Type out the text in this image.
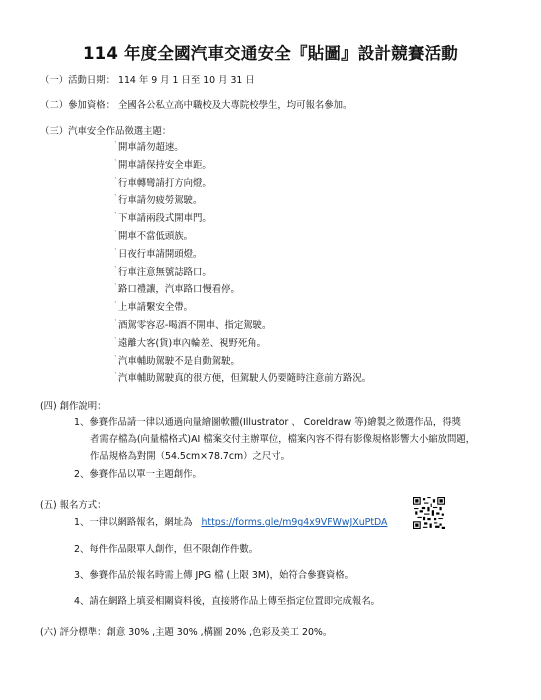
114 年度全國汽車交通安全『貼圖』設計競賽活動
（一）活動日期： 114 年 9 月 1 日至 10 月 31 日
（二）參加資格： 全國各公私立高中職校及大專院校學生，均可報名參加。
（三）汽車安全作品徵選主題：
` 開車請勿超速。
` 開車請保持安全車距。
` 行車轉彎請打方向燈。
` 行車請勿疲勞駕駛。
` 下車請兩段式開車門。
` 開車不當低頭族。
` 日夜行車請開頭燈。
` 行車注意無號誌路口。
` 路口禮讓，汽車路口慢看停。
` 上車請繫安全帶。
` 酒駕零容忍-喝酒不開車、指定駕駛。
` 遠離大客(貨)車內輪差、視野死角。
` 汽車輔助駕駛不是自動駕駛。
` 汽車輔助駕駛真的很方便，但駕駛人仍要隨時注意前方路況。
(四) 創作說明：
1、參賽作品請一律以通過向量繪圖軟體(Illustrator 、 Coreldraw 等)繪製之徵選作品，得獎
者需存檔為(向量檔格式)AI 檔案交付主辦單位，檔案內容不得有影像規格影響大小縮放問題，
作品規格為對開（54.5cm×78.7cm）之尺寸。
2、參賽作品以單一主題創作。
(五) 報名方式：
1、一律以網路報名，網址為 https://forms.gle/m9g4x9VFWwJXuPtDA
2、每件作品限單人創作，但不限創作件數。
3、參賽作品於報名時需上傳 JPG 檔 (上限 3M)，始符合參賽資格。
4、請在網路上填妥相關資料後，直接將作品上傳至指定位置即完成報名。
(六) 評分標準：創意 30% ,主題 30% ,構圖 20% ,色彩及美工 20%。
